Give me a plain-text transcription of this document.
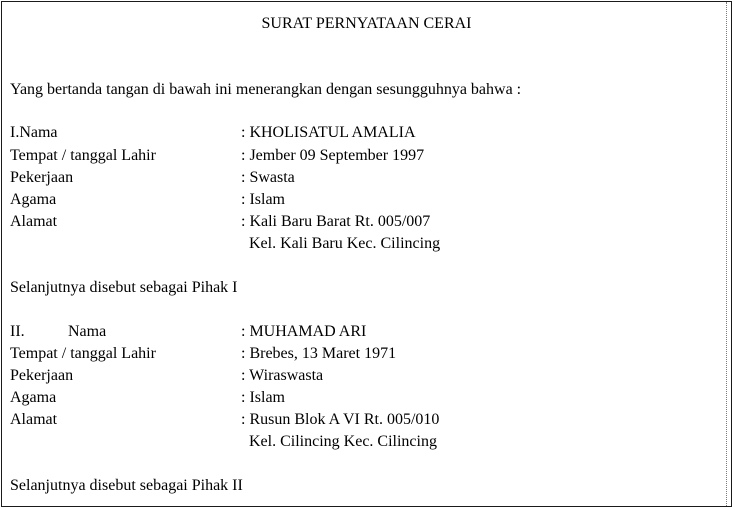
SURAT PERNYATAAN CERAI
Yang bertanda tangan di bawah ini menerangkan dengan sesungguhnya bahwa :
I.Nama	: KHOLISATUL AMALIA
Tempat / tanggal Lahir	: Jember 09 September 1997
Pekerjaan	: Swasta
Agama	: Islam
Alamat	: Kali Baru Barat Rt. 005/007
Kel. Kali Baru Kec. Cilincing
Selanjutnya disebut sebagai Pihak I
II.	Nama	: MUHAMAD ARI
Tempat / tanggal Lahir	: Brebes, 13 Maret 1971
Pekerjaan	: Wiraswasta
Agama	: Islam
Alamat	: Rusun Blok A VI Rt. 005/010
Kel. Cilincing Kec. Cilincing
Selanjutnya disebut sebagai Pihak II
